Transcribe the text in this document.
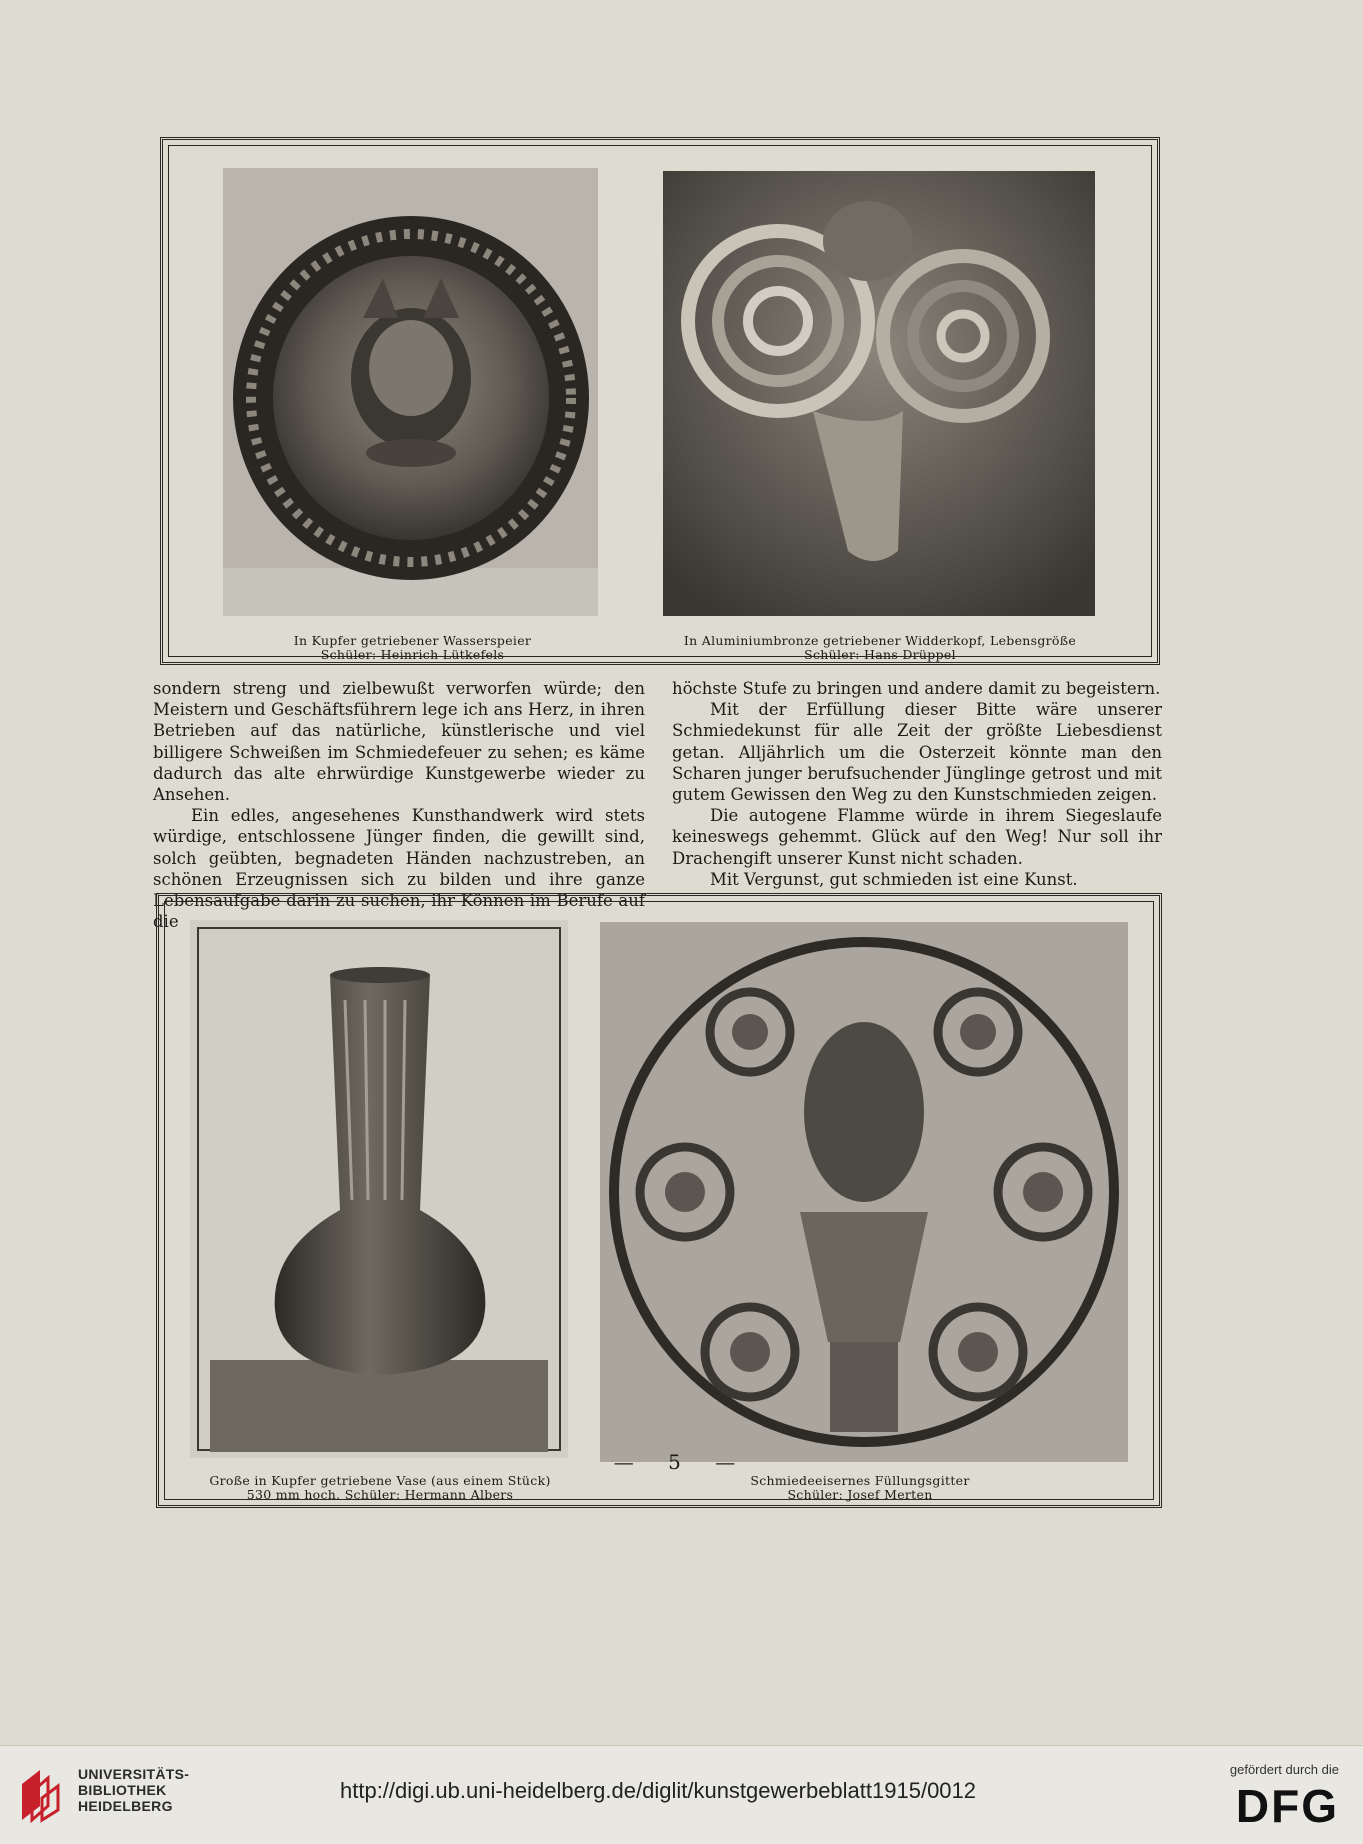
In Kupfer getriebener Wasserspeier
Schüler: Heinrich Lütkefels
In Aluminiumbronze getriebener Widderkopf, Lebensgröße
Schüler: Hans Drüppel

sondern streng und zielbewußt verworfen würde; den Meistern und Geschäftsführern lege ich ans Herz, in ihren Betrieben auf das natürliche, künstlerische und viel billigere Schweißen im Schmiedefeuer zu sehen; es käme dadurch das alte ehrwürdige Kunstgewerbe wieder zu Ansehen.

Ein edles, angesehenes Kunsthandwerk wird stets würdige, entschlossene Jünger finden, die gewillt sind, solch geübten, begnadeten Händen nachzustreben, an schönen Erzeugnissen sich zu bilden und ihre ganze Lebensaufgabe darin zu suchen, ihr Können im Berufe auf die

höchste Stufe zu bringen und andere damit zu begeistern.

Mit der Erfüllung dieser Bitte wäre unserer Schmiedekunst für alle Zeit der größte Liebesdienst getan. Alljährlich um die Osterzeit könnte man den Scharen junger berufsuchender Jünglinge getrost und mit gutem Gewissen den Weg zu den Kunstschmieden zeigen.

Die autogene Flamme würde in ihrem Siegeslaufe keineswegs gehemmt. Glück auf den Weg! Nur soll ihr Drachengift unserer Kunst nicht schaden.

Mit Vergunst, gut schmieden ist eine Kunst.

Große in Kupfer getriebene Vase (aus einem Stück)
530 mm hoch. Schüler: Hermann Albers
Schmiedeeisernes Füllungsgitter
Schüler: Josef Merten
— 5 —
UNIVERSITÄTS-
BIBLIOTHEK
HEIDELBERG
http://digi.ub.uni-heidelberg.de/diglit/kunstgewerbeblatt1915/0012
gefördert durch die
DFG
